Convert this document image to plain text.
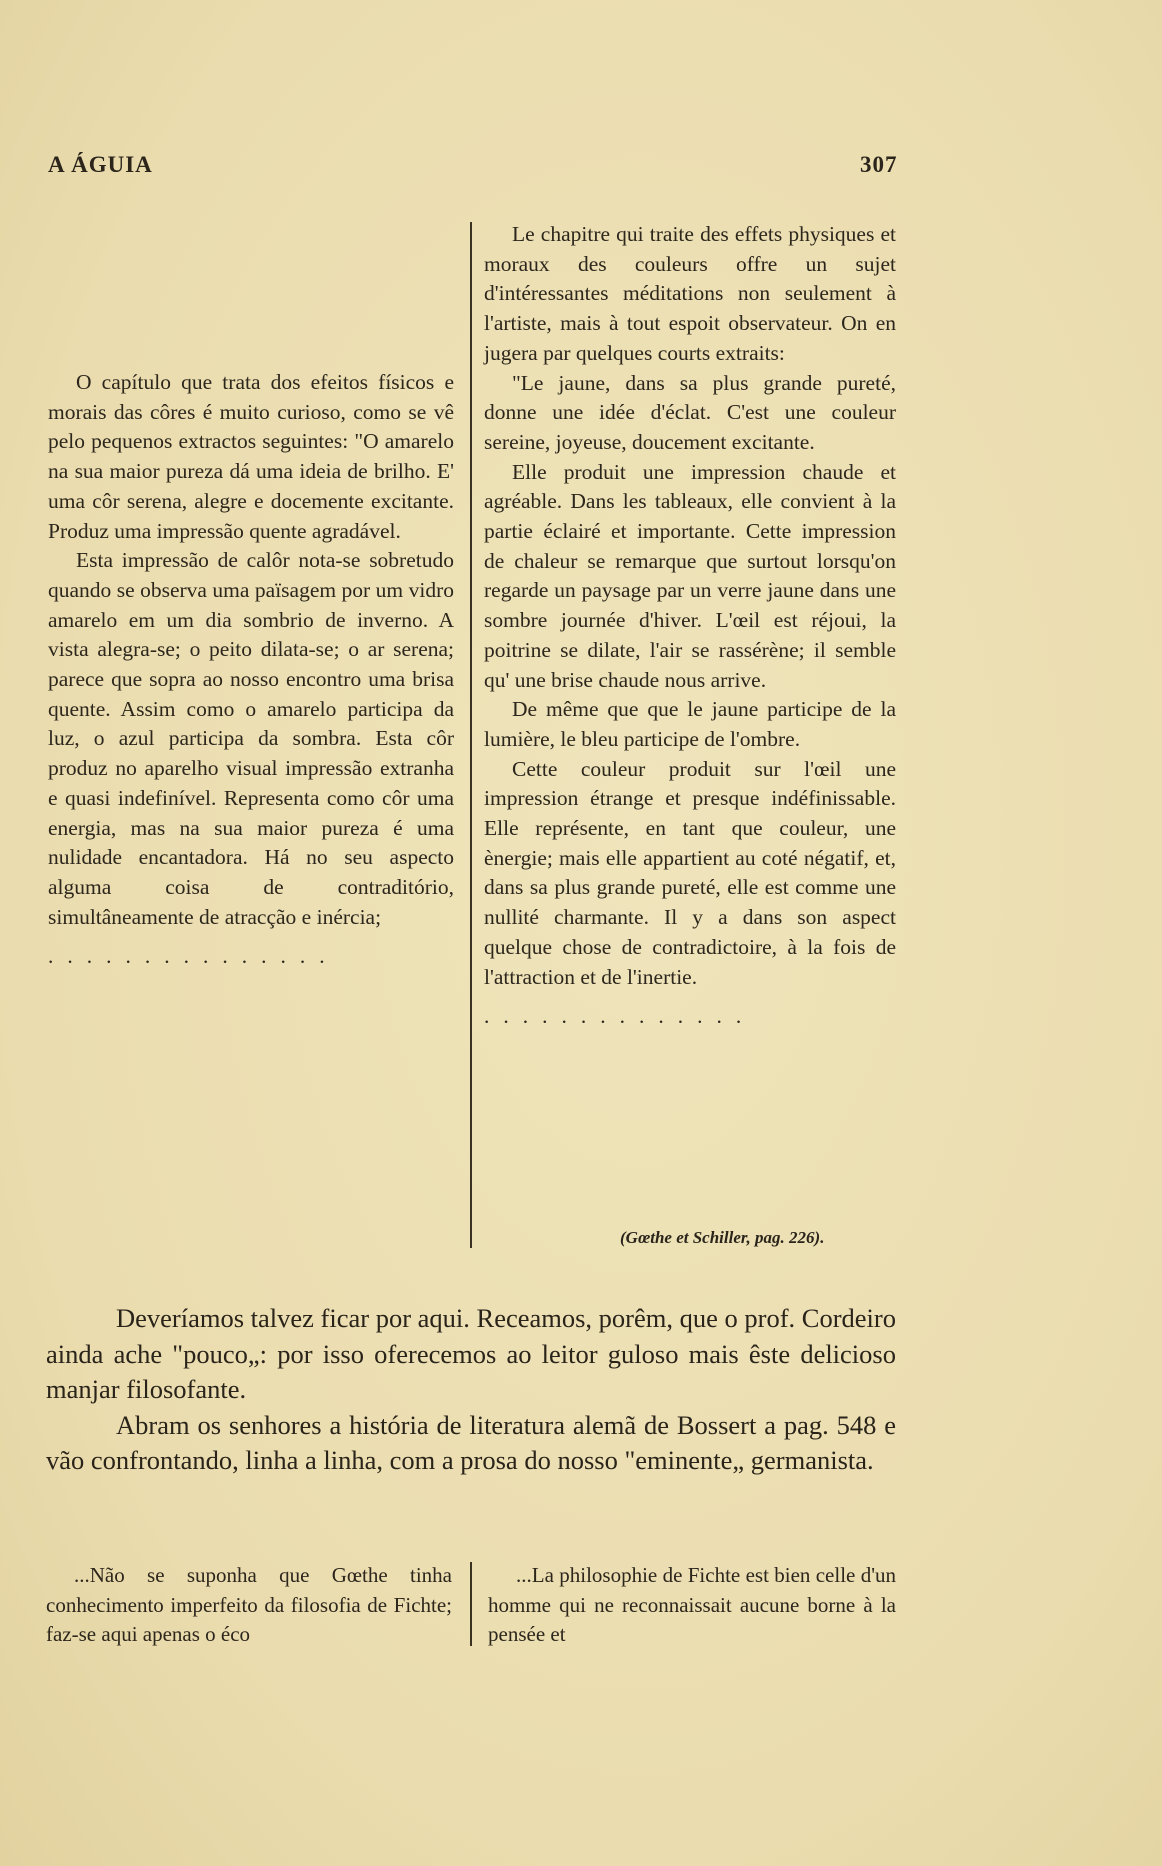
A ÁGUIA	307

O capítulo que trata dos efeitos físicos e morais das côres é muito curioso, como se vê pelo pequenos extractos seguintes: "O amarelo na sua maior pureza dá uma ideia de brilho. E' uma côr serena, alegre e docemente excitante. Produz uma impressão quente agradável.

Esta impressão de calôr nota-se sobretudo quando se observa uma païsagem por um vidro amarelo em um dia sombrio de inverno. A vista alegra-se; o peito dilata-se; o ar serena; parece que sopra ao nosso encontro uma brisa quente. Assim como o amarelo participa da luz, o azul participa da sombra. Esta côr produz no aparelho visual impressão extranha e quasi indefinível. Representa como côr uma energia, mas na sua maior pureza é uma nulidade encantadora. Há no seu aspecto alguma coisa de contraditório, simultâneamente de atracção e inércia;

...............

Le chapitre qui traite des effets physiques et moraux des couleurs offre un sujet d'intéressantes méditations non seulement à l'artiste, mais à tout espoit observateur. On en jugera par quelques courts extraits:

"Le jaune, dans sa plus grande pureté, donne une idée d'éclat. C'est une couleur sereine, joyeuse, doucement excitante.

Elle produit une impression chaude et agréable. Dans les tableaux, elle convient à la partie éclairé et importante. Cette impression de chaleur se remarque que surtout lorsqu'on regarde un paysage par un verre jaune dans une sombre journée d'hiver. L'œil est réjoui, la poitrine se dilate, l'air se rassérène; il semble qu' une brise chaude nous arrive.

De même que que le jaune participe de la lumière, le bleu participe de l'ombre.

Cette couleur produit sur l'œil une impression étrange et presque indéfinissable. Elle représente, en tant que couleur, une ènergie; mais elle appartient au coté négatif, et, dans sa plus grande pureté, elle est comme une nullité charmante. Il y a dans son aspect quelque chose de contradictoire, à la fois de l'attraction et de l'inertie.

..............
(Gœthe et Schiller, pag. 226).

Deveríamos talvez ficar por aqui. Receamos, porêm, que o prof. Cordeiro ainda ache "pouco„: por isso oferecemos ao leitor guloso mais êste delicioso manjar filosofante.

Abram os senhores a história de literatura alemã de Bossert a pag. 548 e vão confrontando, linha a linha, com a prosa do nosso "eminente„ germanista.

...Não se suponha que Gœthe tinha conhecimento imperfeito da filosofia de Fichte; faz-se aqui apenas o éco

...La philosophie de Fichte est bien celle d'un homme qui ne reconnaissait aucune borne à la pensée et
